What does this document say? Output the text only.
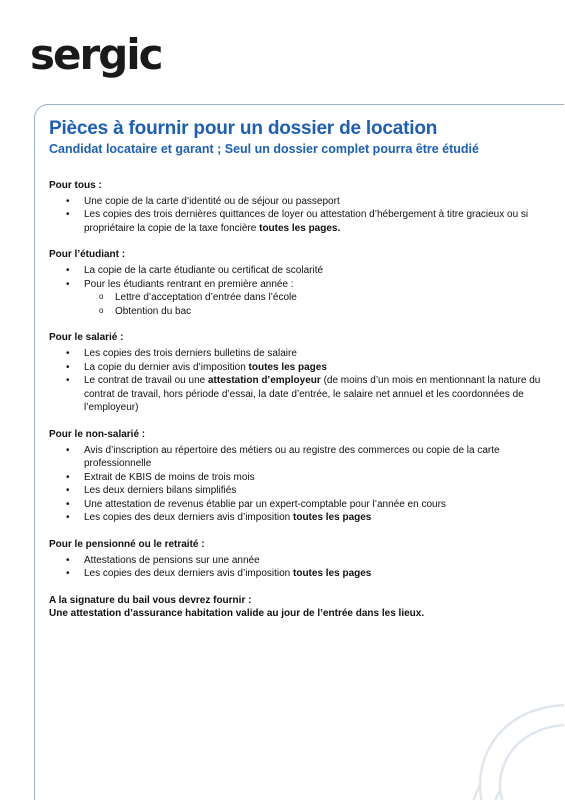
sergic
Pièces à fournir pour un dossier de location

Candidat locataire et garant ; Seul un dossier complet pourra être étudié

Pour tous :
• Une copie de la carte d’identité ou de séjour ou passeport
• Les copies des trois dernières quittances de loyer ou attestation d’hébergement à titre gracieux ou si propriétaire la copie de la taxe foncière toutes les pages.
Pour l’étudiant :
• La copie de la carte étudiante ou certificat de scolarité
• Pour les étudiants rentrant en première année :
o Lettre d’acceptation d’entrée dans l’école
o Obtention du bac
Pour le salarié :
• Les copies des trois derniers bulletins de salaire
• La copie du dernier avis d’imposition toutes les pages
• Le contrat de travail ou une attestation d’employeur (de moins d’un mois en mentionnant la nature du contrat de travail, hors période d’essai, la date d’entrée, le salaire net annuel et les coordonnées de l’employeur)
Pour le non-salarié :
• Avis d’inscription au répertoire des métiers ou au registre des commerces ou copie de la carte professionnelle
• Extrait de KBIS de moins de trois mois
• Les deux derniers bilans simplifiés
• Une attestation de revenus établie par un expert-comptable pour l’année en cours
• Les copies des deux derniers avis d’imposition toutes les pages
Pour le pensionné ou le retraité :
• Attestations de pensions sur une année
• Les copies des deux derniers avis d’imposition toutes les pages
A la signature du bail vous devrez fournir :
Une attestation d’assurance habitation valide au jour de l’entrée dans les lieux.
